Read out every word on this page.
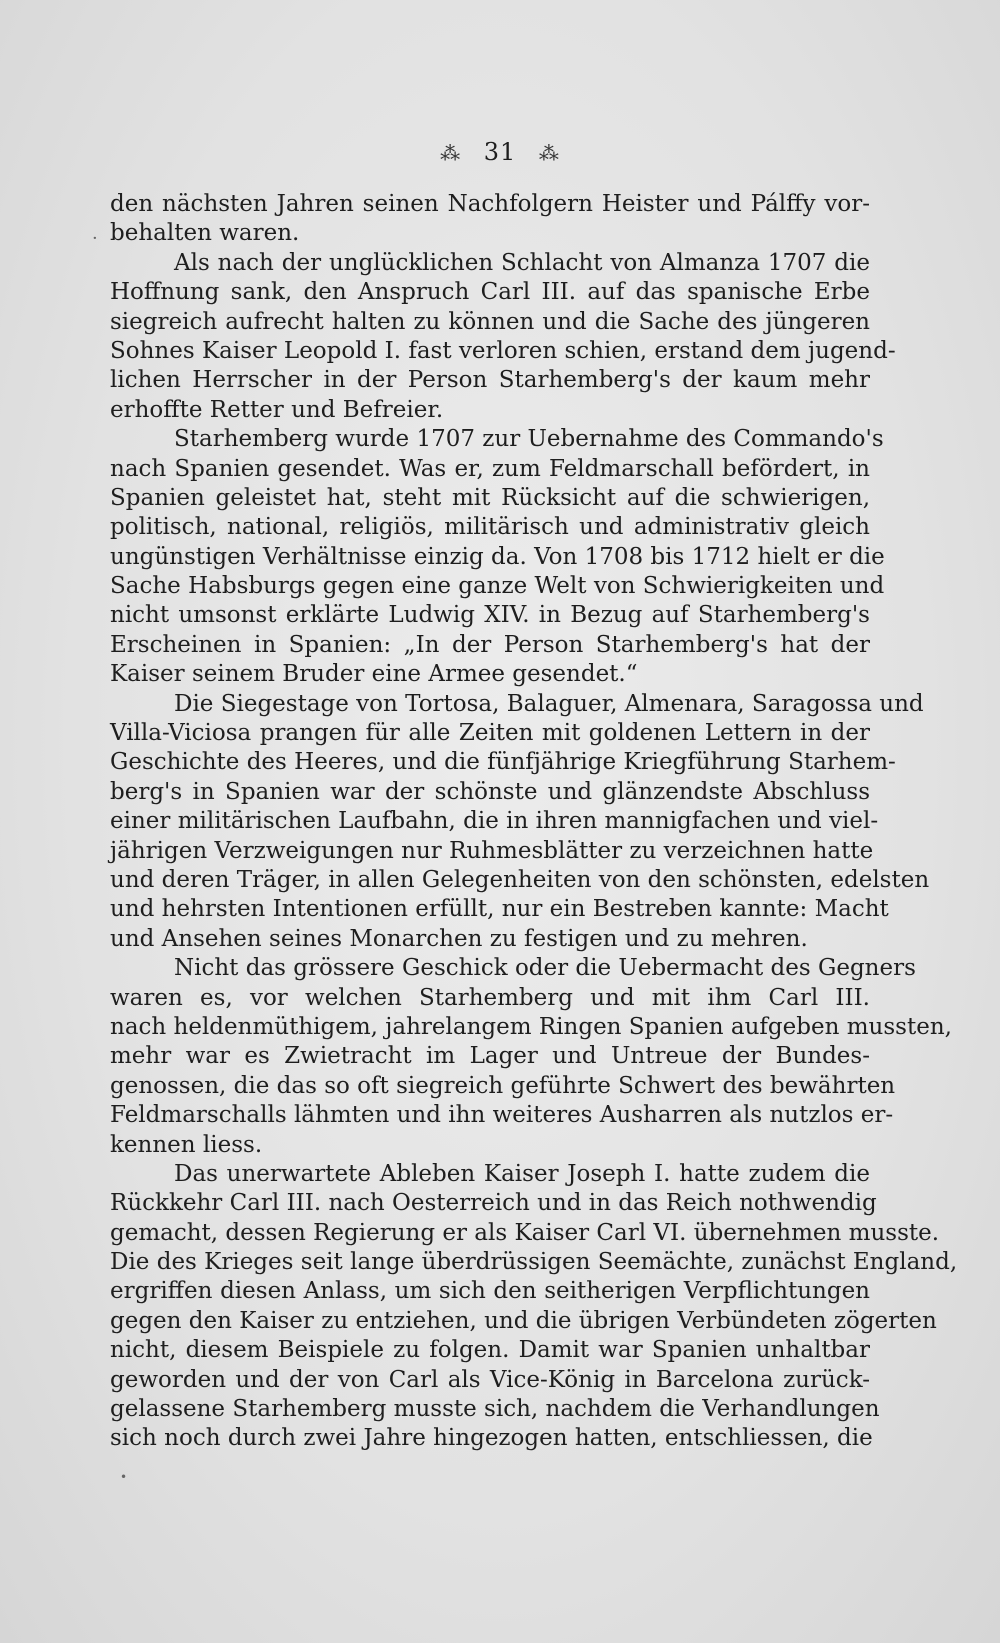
⁂ 31 ⁂
·
den nächsten Jahren seinen Nachfolgern Heister und Pálffy vor-
behalten waren.
Als nach der unglücklichen Schlacht von Almanza 1707 die
Hoffnung sank, den Anspruch Carl III. auf das spanische Erbe
siegreich aufrecht halten zu können und die Sache des jüngeren
Sohnes Kaiser Leopold I. fast verloren schien, erstand dem jugend-
lichen Herrscher in der Person Starhemberg's der kaum mehr
erhoffte Retter und Befreier.
Starhemberg wurde 1707 zur Uebernahme des Commando's
nach Spanien gesendet. Was er, zum Feldmarschall befördert, in
Spanien geleistet hat, steht mit Rücksicht auf die schwierigen,
politisch, national, religiös, militärisch und administrativ gleich
ungünstigen Verhältnisse einzig da. Von 1708 bis 1712 hielt er die
Sache Habsburgs gegen eine ganze Welt von Schwierigkeiten und
nicht umsonst erklärte Ludwig XIV. in Bezug auf Starhemberg's
Erscheinen in Spanien: „In der Person Starhemberg's hat der
Kaiser seinem Bruder eine Armee gesendet.“
Die Siegestage von Tortosa, Balaguer, Almenara, Saragossa und
Villa-Viciosa prangen für alle Zeiten mit goldenen Lettern in der
Geschichte des Heeres, und die fünfjährige Kriegführung Starhem-
berg's in Spanien war der schönste und glänzendste Abschluss
einer militärischen Laufbahn, die in ihren mannigfachen und viel-
jährigen Verzweigungen nur Ruhmesblätter zu verzeichnen hatte
und deren Träger, in allen Gelegenheiten von den schönsten, edelsten
und hehrsten Intentionen erfüllt, nur ein Bestreben kannte: Macht
und Ansehen seines Monarchen zu festigen und zu mehren.
Nicht das grössere Geschick oder die Uebermacht des Gegners
waren es, vor welchen Starhemberg und mit ihm Carl III.
nach heldenmüthigem, jahrelangem Ringen Spanien aufgeben mussten,
mehr war es Zwietracht im Lager und Untreue der Bundes-
genossen, die das so oft siegreich geführte Schwert des bewährten
Feldmarschalls lähmten und ihn weiteres Ausharren als nutzlos er-
kennen liess.
Das unerwartete Ableben Kaiser Joseph I. hatte zudem die
Rückkehr Carl III. nach Oesterreich und in das Reich nothwendig
gemacht, dessen Regierung er als Kaiser Carl VI. übernehmen musste.
Die des Krieges seit lange überdrüssigen Seemächte, zunächst England,
ergriffen diesen Anlass, um sich den seitherigen Verpflichtungen
gegen den Kaiser zu entziehen, und die übrigen Verbündeten zögerten
nicht, diesem Beispiele zu folgen. Damit war Spanien unhaltbar
geworden und der von Carl als Vice-König in Barcelona zurück-
gelassene Starhemberg musste sich, nachdem die Verhandlungen
sich noch durch zwei Jahre hingezogen hatten, entschliessen, die
•
